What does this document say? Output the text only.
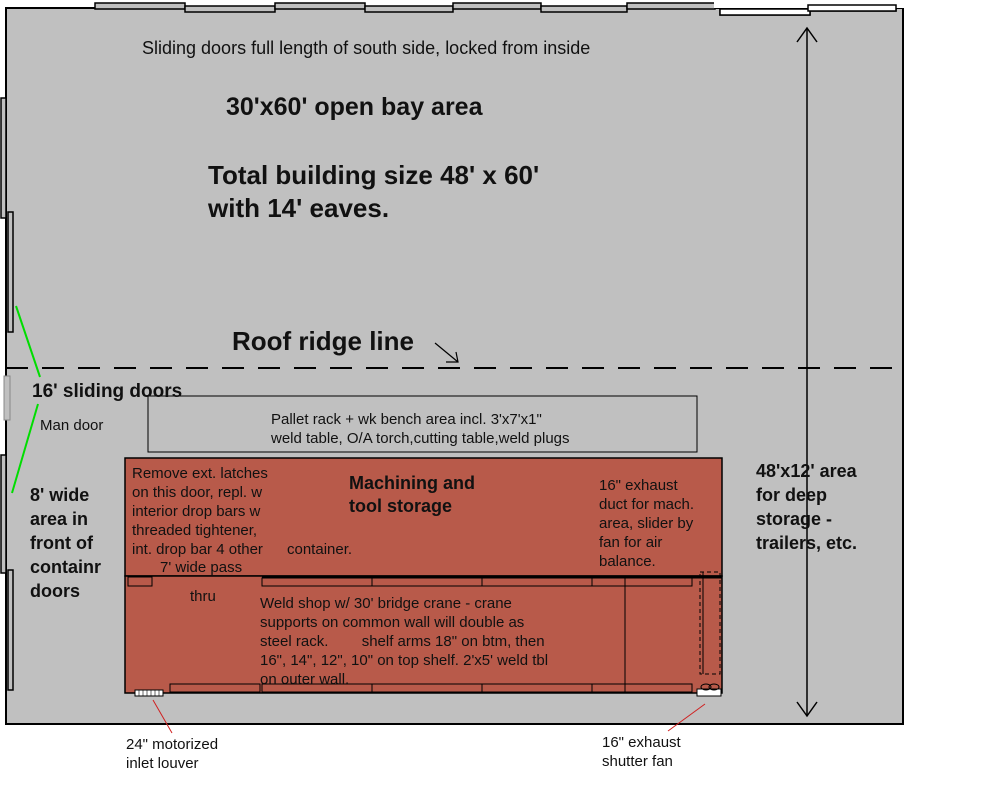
Sliding doors full length of south side, locked from inside

30'x60' open bay area

Total building size 48' x 60'

with 14' eaves.

Roof ridge line

16' sliding doors

Man door

8' wide
area in
front of
containr
doors

Pallet rack + wk bench area incl. 3'x7'x1"
weld table, O/A torch,cutting table,weld plugs

Remove ext. latches
on this door, repl. w
interior drop bars w
threaded tightener,
int. drop bar 4 other	container.

7' wide pass

thru

Machining and
tool storage

16" exhaust
duct for mach.
area, slider by
fan for air
balance.

Weld shop w/ 30' bridge crane - crane
supports on common wall will double as
steel rack.        shelf arms 18" on btm, then
16", 14", 12", 10" on top shelf. 2'x5' weld tbl
on outer wall.

48'x12' area
for deep
storage -
trailers, etc.

24" motorized
inlet louver

16" exhaust
shutter fan
